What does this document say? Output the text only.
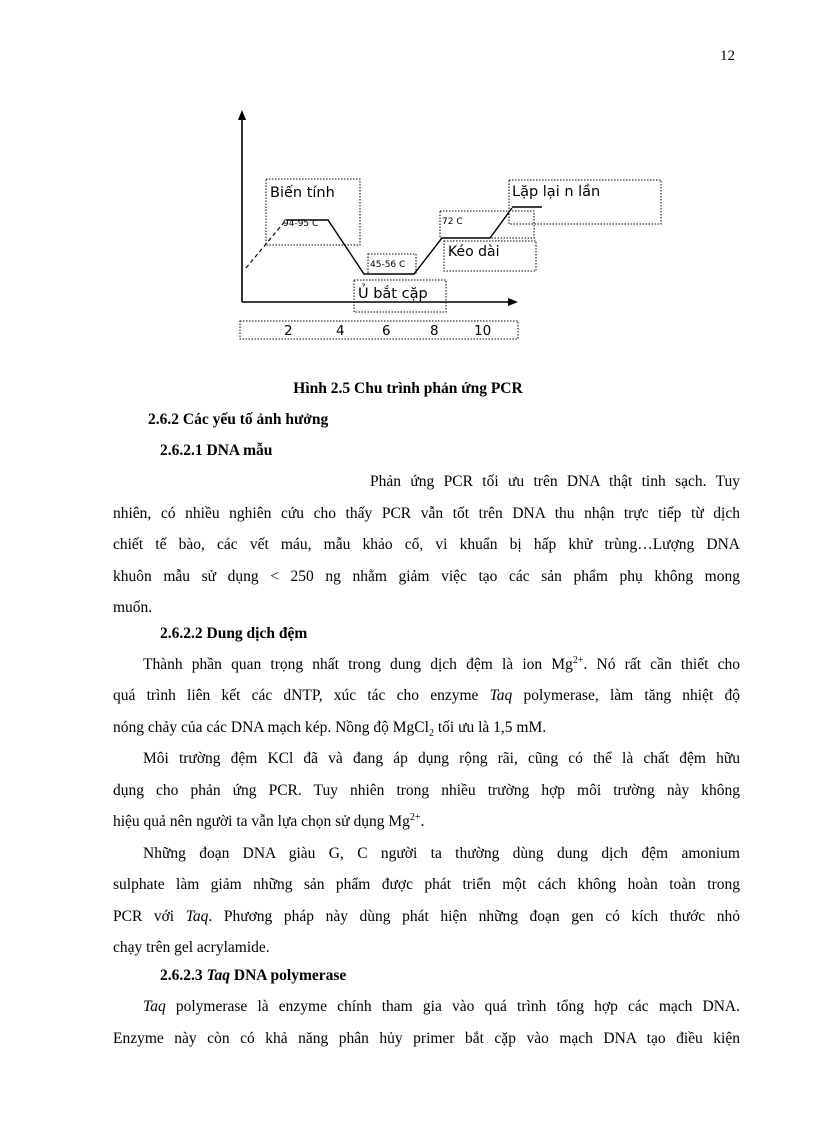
12
Biến tính
94-95 C
Lặp lại n lần
72 C
Kéo dài
45-56 C
Ủ bắt cặp
2	4	6	8	10
Hình 2.5 Chu trình phản ứng PCR
2.6.2 Các yếu tố ảnh hưởng
2.6.2.1 DNA mẫu
Phản ứng PCR tối ưu trên DNA thật tinh sạch. Tuy
nhiên, có nhiều nghiên cứu cho thấy PCR vẫn tốt trên DNA thu nhận trực tiếp từ dịch
chiết tế bào, các vết máu, mẫu khảo cổ, vi khuẩn bị hấp khử trùng…Lượng DNA
khuôn mẫu sử dụng < 250 ng nhằm giảm việc tạo các sản phẩm phụ không mong
muốn.
2.6.2.2 Dung dịch đệm
Thành phần quan trọng nhất trong dung dịch đệm là ion $Mg^{2+}$. Nó rất cần thiết cho
quá trình liên kết các dNTP, xúc tác cho enzyme Taq polymerase, làm tăng nhiệt độ
nóng chảy của các DNA mạch kép. Nồng độ MgCl$_2$ tối ưu là 1,5 mM.
Môi trường đệm KCl đã và đang áp dụng rộng rãi, cũng có thể là chất đệm hữu
dụng cho phản ứng PCR. Tuy nhiên trong nhiều trường hợp môi trường này không
hiệu quả nên người ta vẫn lựa chọn sử dụng $Mg^{2+}$.
Những đoạn DNA giàu G, C người ta thường dùng dung dịch đệm amonium
sulphate làm giảm những sản phẩm được phát triển một cách không hoàn toàn trong
PCR với Taq. Phương pháp này dùng phát hiện những đoạn gen có kích thước nhỏ
chạy trên gel acrylamide.
2.6.2.3 Taq DNA polymerase
Taq polymerase là enzyme chính tham gia vào quá trình tổng hợp các mạch DNA.
Enzyme này còn có khả năng phân hủy primer bắt cặp vào mạch DNA tạo điều kiện
